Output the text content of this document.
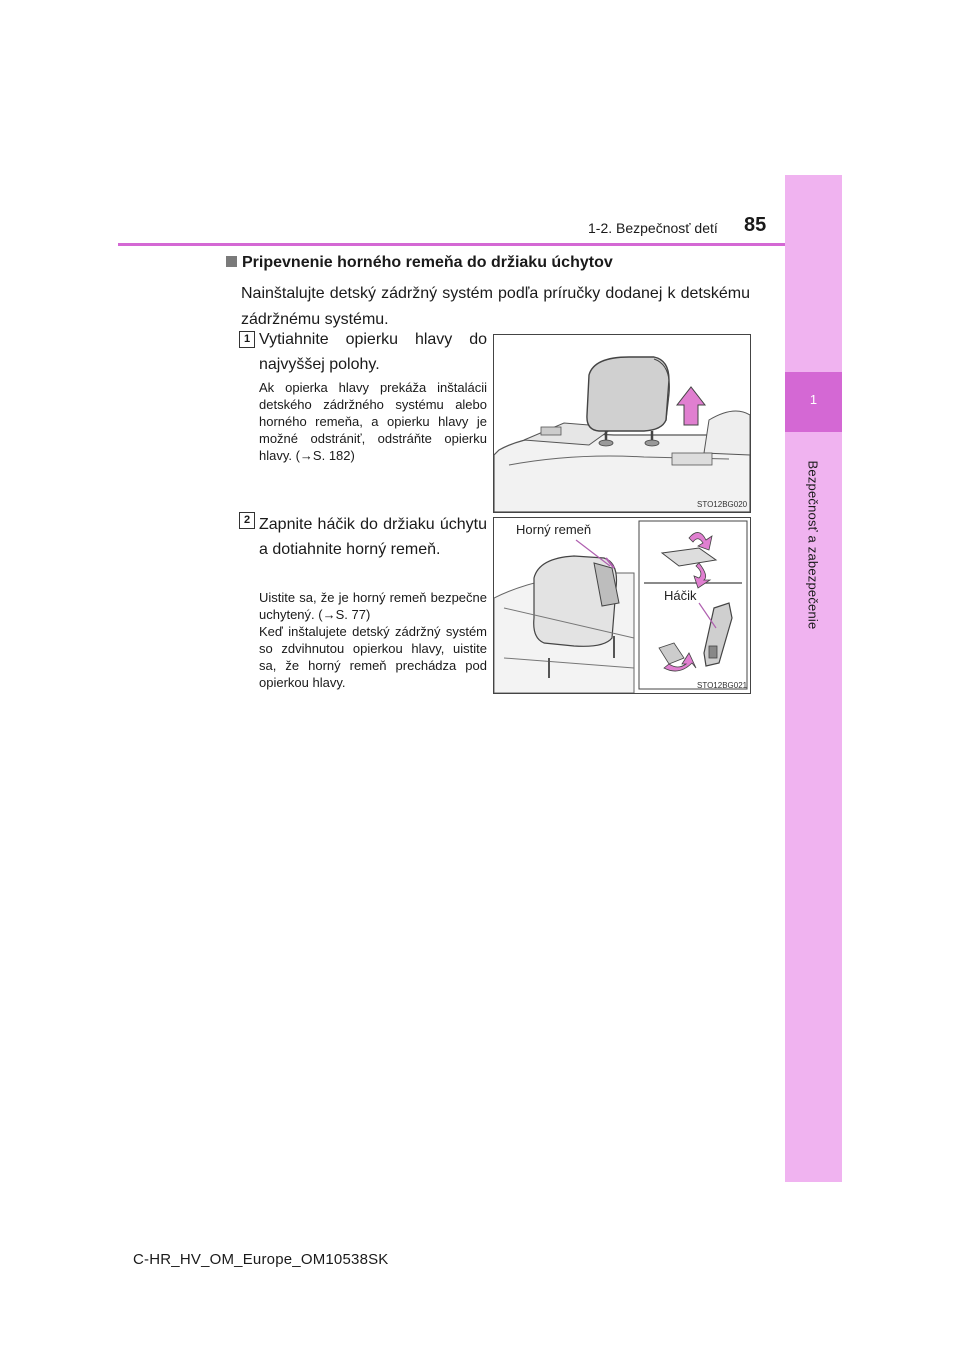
1
Bezpečnosť a zabezpečenie
1-2. Bezpečnosť detí 85
Pripevnenie horného remeňa do držiaku úchytov
Nainštalujte detský zádržný systém podľa príručky dodanej k detskému zádržnému systému.
1 Vytiahnite opierku hlavy do najvyššej polohy.
Ak opierka hlavy prekáža inštalácii detského zádržného systému alebo horného remeňa, a opierku hlavy je možné odstrániť, odstráňte opierku hlavy. (→S. 182)
STO12BG020
2 Zapnite háčik do držiaku úchytu a dotiahnite horný remeň.
Uistite sa, že je horný remeň bezpečne uchytený. (→S. 77)
Keď inštalujete detský zádržný systém so zdvihnutou opierkou hlavy, uistite sa, že horný remeň prechádza pod opierkou hlavy.
Horný remeň
Háčik
STO12BG021
C-HR_HV_OM_Europe_OM10538SK
